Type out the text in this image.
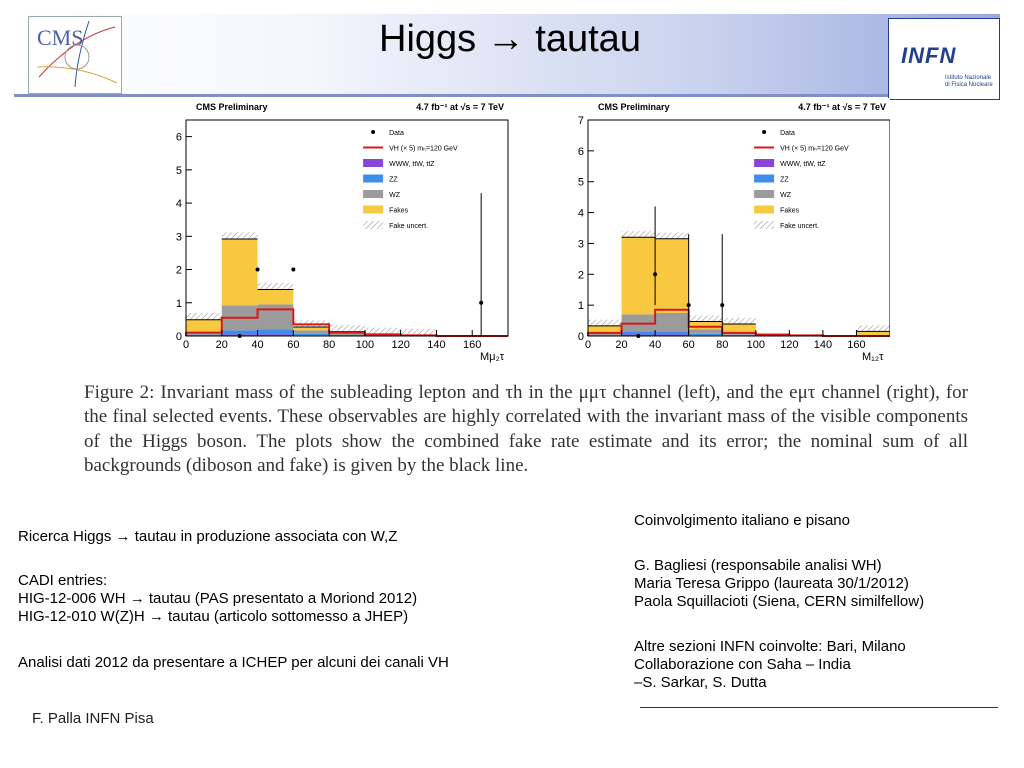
CMS
INFN
Istituto Nazionale
di Fisica Nucleare
Higgs → tautau
0
1
2
3
4
5
6
0 20 40 60 80 100 120 140 160
Mμ₂τ
CMS Preliminary	4.7 fb⁻¹ at √s = 7 TeV
Data
VH (× 5) mₕ=120 GeV
WWW, ttW, ttZ
ZZ
WZ
Fakes
Fake uncert.
0
1
2
3
4
5
6
7
0 20 40 60 80 100 120 140 160
M₁₂τ
CMS Preliminary	4.7 fb⁻¹ at √s = 7 TeV
Data
VH (× 5) mₕ=120 GeV
WWW, ttW, ttZ
ZZ
WZ
Fakes
Fake uncert.
Figure 2: Invariant mass of the subleading lepton and τh in the μμτ channel (left), and the eμτ channel (right), for the final selected events. These observables are highly correlated with the invariant mass of the visible components of the Higgs boson. The plots show the combined fake rate estimate and its error; the nominal sum of all backgrounds (diboson and fake) is given by the black line.

Ricerca Higgs → tautau in produzione associata con W,Z

CADI entries:

HIG-12-006 WH → tautau (PAS presentato a Moriond 2012)

HIG-12-010 W(Z)H → tautau (articolo sottomesso a JHEP)

Analisi dati 2012 da presentare a ICHEP per alcuni dei canali VH

Coinvolgimento italiano e pisano

G. Bagliesi (responsabile analisi WH)

Maria Teresa Grippo (laureata 30/1/2012)

Paola Squillacioti (Siena, CERN similfellow)

Altre sezioni INFN coinvolte: Bari, Milano

Collaborazione con Saha – India

–S. Sarkar, S. Dutta

F. Palla INFN Pisa
